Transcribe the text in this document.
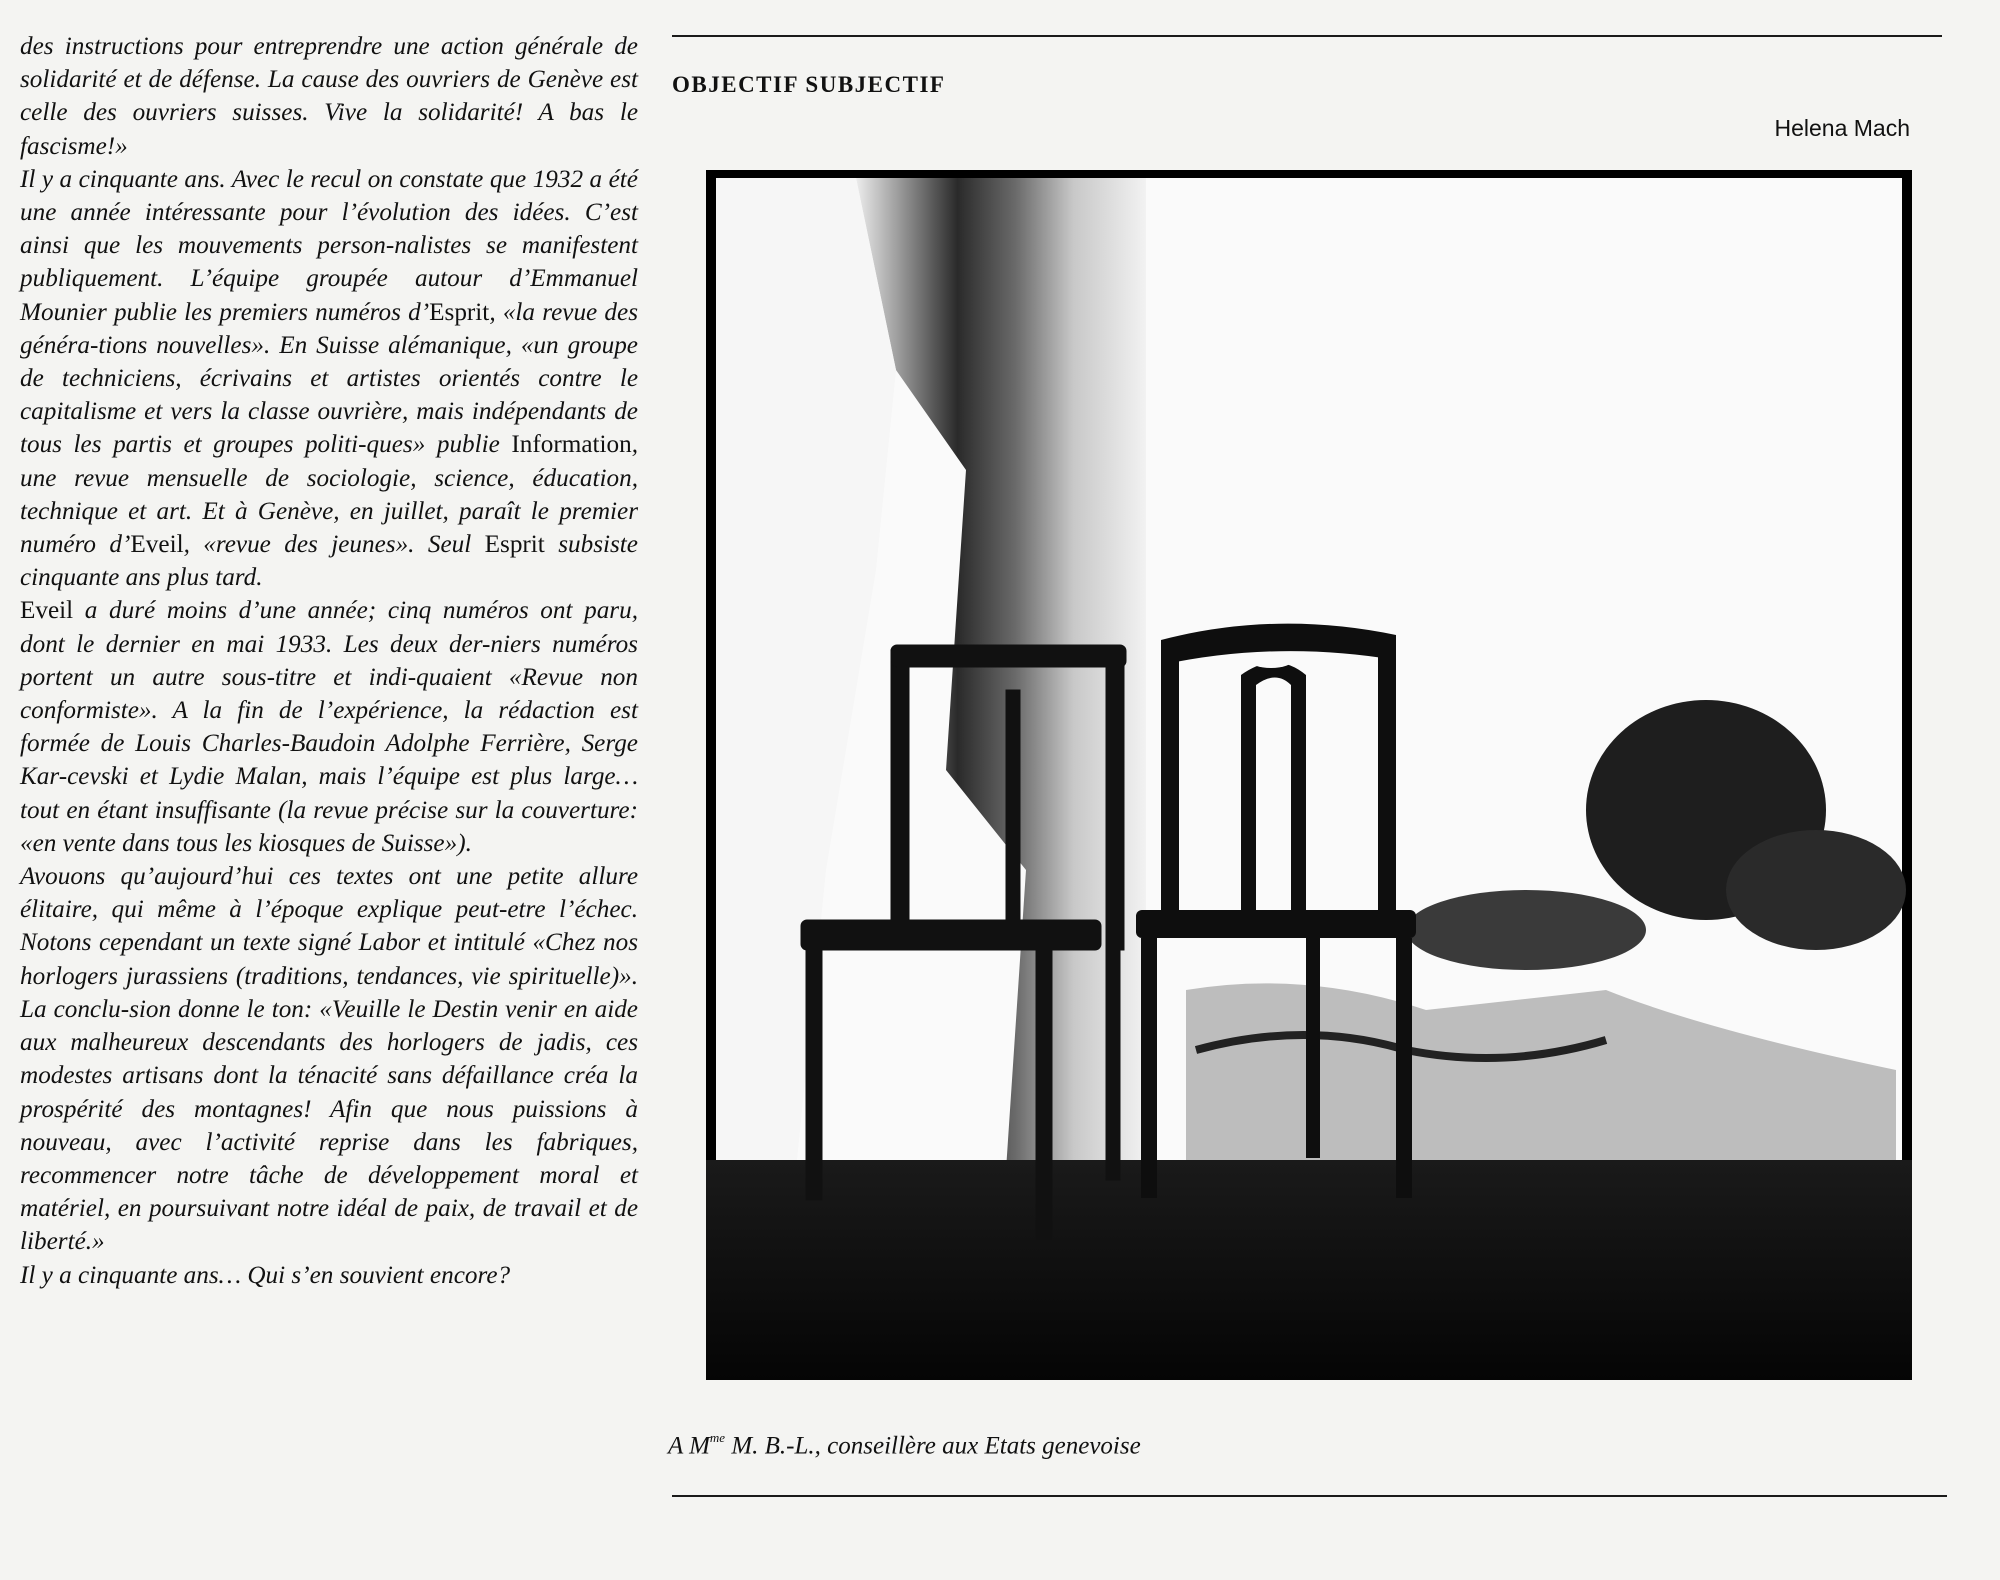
des instructions pour entreprendre une action générale de solidarité et de défense. La cause des ouvriers de Genève est celle des ouvriers suisses. Vive la solidarité! A bas le fascisme!»

Il y a cinquante ans. Avec le recul on constate que 1932 a été une année intéressante pour l’évolution des idées. C’est ainsi que les mouvements person-nalistes se manifestent publiquement. L’équipe groupée autour d’Emmanuel Mounier publie les premiers numéros d’Esprit, «la revue des généra-tions nouvelles». En Suisse alémanique, «un groupe de techniciens, écrivains et artistes orientés contre le capitalisme et vers la classe ouvrière, mais indépendants de tous les partis et groupes politi-ques» publie Information, une revue mensuelle de sociologie, science, éducation, technique et art. Et à Genève, en juillet, paraît le premier numéro d’Eveil, «revue des jeunes». Seul Esprit subsiste cinquante ans plus tard.

Eveil a duré moins d’une année; cinq numéros ont paru, dont le dernier en mai 1933. Les deux der-niers numéros portent un autre sous-titre et indi-quaient «Revue non conformiste». A la fin de l’expérience, la rédaction est formée de Louis Charles-Baudoin Adolphe Ferrière, Serge Kar-cevski et Lydie Malan, mais l’équipe est plus large… tout en étant insuffisante (la revue précise sur la couverture: «en vente dans tous les kiosques de Suisse»).

Avouons qu’aujourd’hui ces textes ont une petite allure élitaire, qui même à l’époque explique peut-etre l’échec. Notons cependant un texte signé Labor et intitulé «Chez nos horlogers jurassiens (traditions, tendances, vie spirituelle)». La conclu-sion donne le ton: «Veuille le Destin venir en aide aux malheureux descendants des horlogers de jadis, ces modestes artisans dont la ténacité sans défaillance créa la prospérité des montagnes! Afin que nous puissions à nouveau, avec l’activité reprise dans les fabriques, recommencer notre tâche de développement moral et matériel, en poursuivant notre idéal de paix, de travail et de liberté.»

Il y a cinquante ans… Qui s’en souvient encore?

OBJECTIF SUBJECTIF
Helena Mach
A $M^{me}$ M. B.-L., conseillère aux Etats genevoise
